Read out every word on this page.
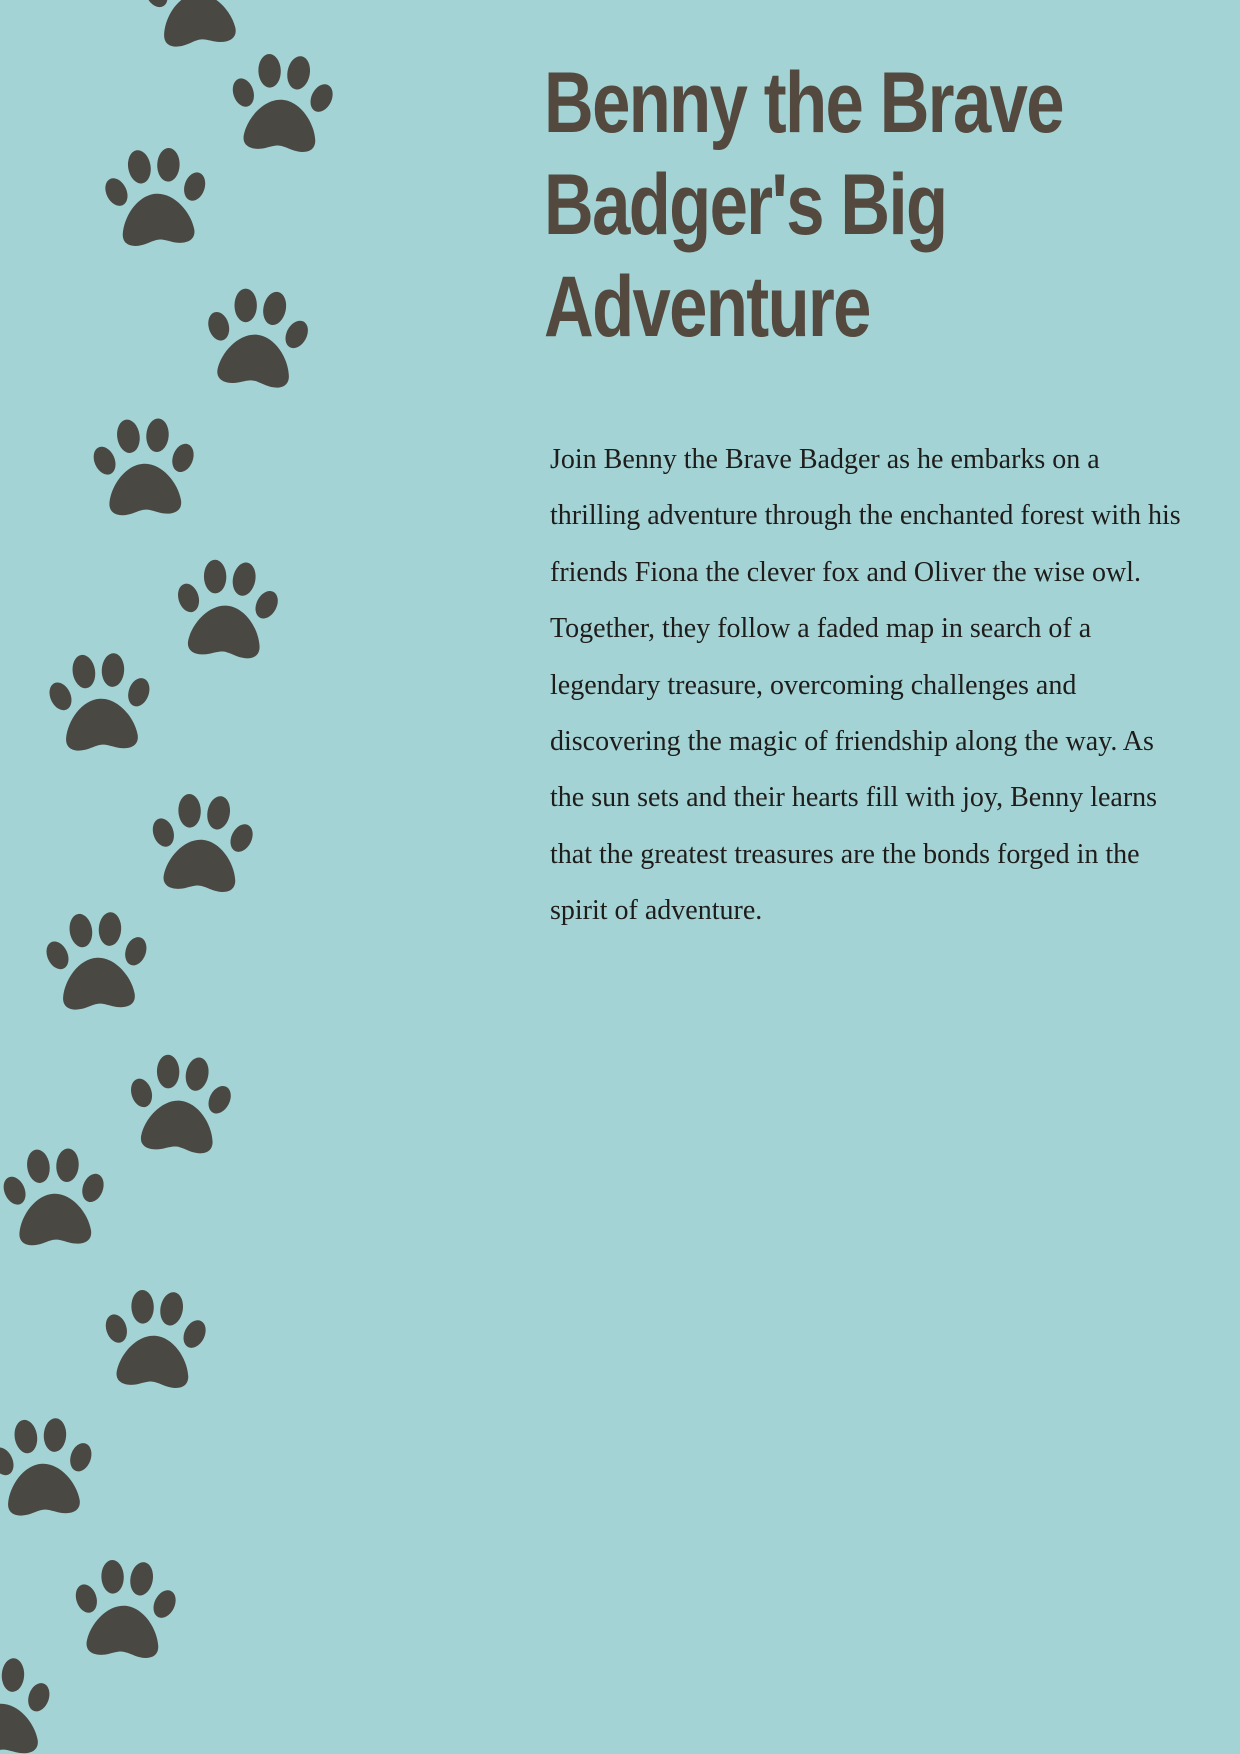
Benny the Brave Badger's Big Adventure

Join Benny the Brave Badger as he embarks on a thrilling adventure through the enchanted forest with his friends Fiona the clever fox and Oliver the wise owl. Together, they follow a faded map in search of a legendary treasure, overcoming challenges and discovering the magic of friendship along the way. As the sun sets and their hearts fill with joy, Benny learns that the greatest treasures are the bonds forged in the spirit of adventure.
